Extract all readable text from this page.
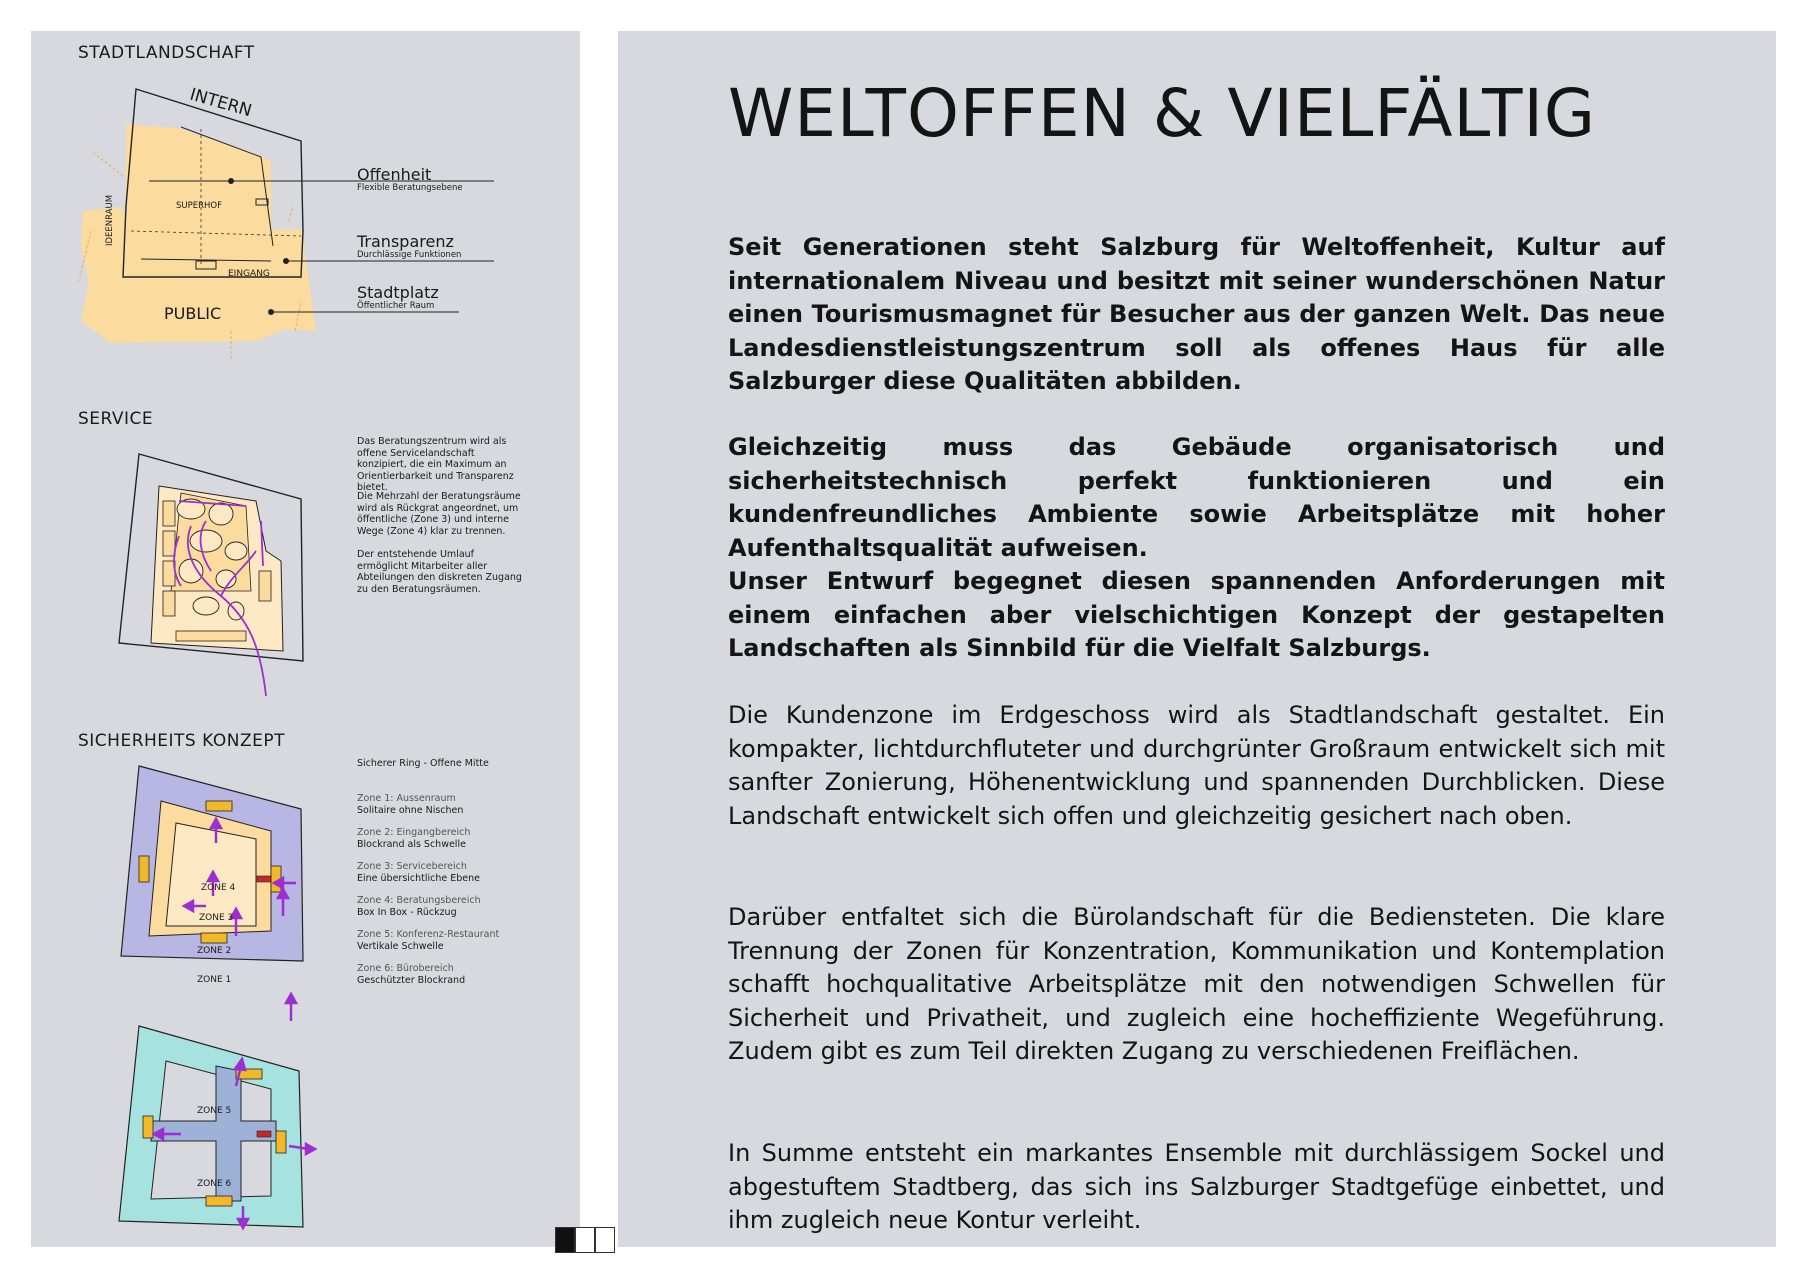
STADTLANDSCHAFT
INTERN
SUPERHOF
IDEENRAUM
EINGANG
PUBLIC
Offenheit
Flexible Beratungsebene
Transparenz
Durchlässige Funktionen
Stadtplatz
Öffentlicher Raum
SERVICE
Das Beratungszentrum wird als offene Servicelandschaft konzipiert, die ein Maximum an Orientierbarkeit und Transparenz bietet.
Die Mehrzahl der Beratungsräume wird als Rückgrat angeordnet, um öffentliche (Zone 3) und interne Wege (Zone 4) klar zu trennen.
Der entstehende Umlauf ermöglicht Mitarbeiter aller Abteilungen den diskreten Zugang zu den Beratungsräumen.
SICHERHEITS KONZEPT
ZONE 4
ZONE 3
ZONE 2
ZONE 1
ZONE 5
ZONE 6
Sicherer Ring - Offene Mitte
Zone 1: Aussenraum
Solitaire ohne Nischen
Zone 2: Eingangbereich
Blockrand als Schwelle
Zone 3: Servicebereich
Eine übersichtliche Ebene
Zone 4: Beratungsbereich
Box In Box - Rückzug
Zone 5: Konferenz-Restaurant
Vertikale Schwelle
Zone 6: Bürobereich
Geschützter Blockrand
WELTOFFEN & VIELFÄLTIG

Seit Generationen steht Salzburg für Weltoffenheit, Kultur auf internationalem Niveau und besitzt mit seiner wunderschönen Natur einen Tourismusmagnet für Besucher aus der ganzen Welt. Das neue Landesdienstleistungszentrum soll als offenes Haus für alle Salzburger diese Qualitäten abbilden.

Gleichzeitig muss das Gebäude organisatorisch und sicherheitstechnisch perfekt funktionieren und ein kundenfreundliches Ambiente sowie Arbeitsplätze mit hoher Aufenthaltsqualität aufweisen.

Unser Entwurf begegnet diesen spannenden Anforderungen mit einem einfachen aber vielschichtigen Konzept der gestapelten Landschaften als Sinnbild für die Vielfalt Salzburgs.

Die Kundenzone im Erdgeschoss wird als Stadtlandschaft gestaltet. Ein kompakter, lichtdurchfluteter und durchgrünter Großraum entwickelt sich mit sanfter Zonierung, Höhenentwicklung und spannenden Durchblicken. Diese Landschaft entwickelt sich offen und gleichzeitig gesichert nach oben.

Darüber entfaltet sich die Bürolandschaft für die Bediensteten. Die klare Trennung der Zonen für Konzentration, Kommunikation und Kontemplation schafft hochqualitative Arbeitsplätze mit den notwendigen Schwellen für Sicherheit und Privatheit, und zugleich eine hocheffiziente Wegeführung. Zudem gibt es zum Teil direkten Zugang zu verschiedenen Freiflächen.

In Summe entsteht ein markantes Ensemble mit durchlässigem Sockel und abgestuftem Stadtberg, das sich ins Salzburger Stadtgefüge einbettet, und ihm zugleich neue Kontur verleiht.
